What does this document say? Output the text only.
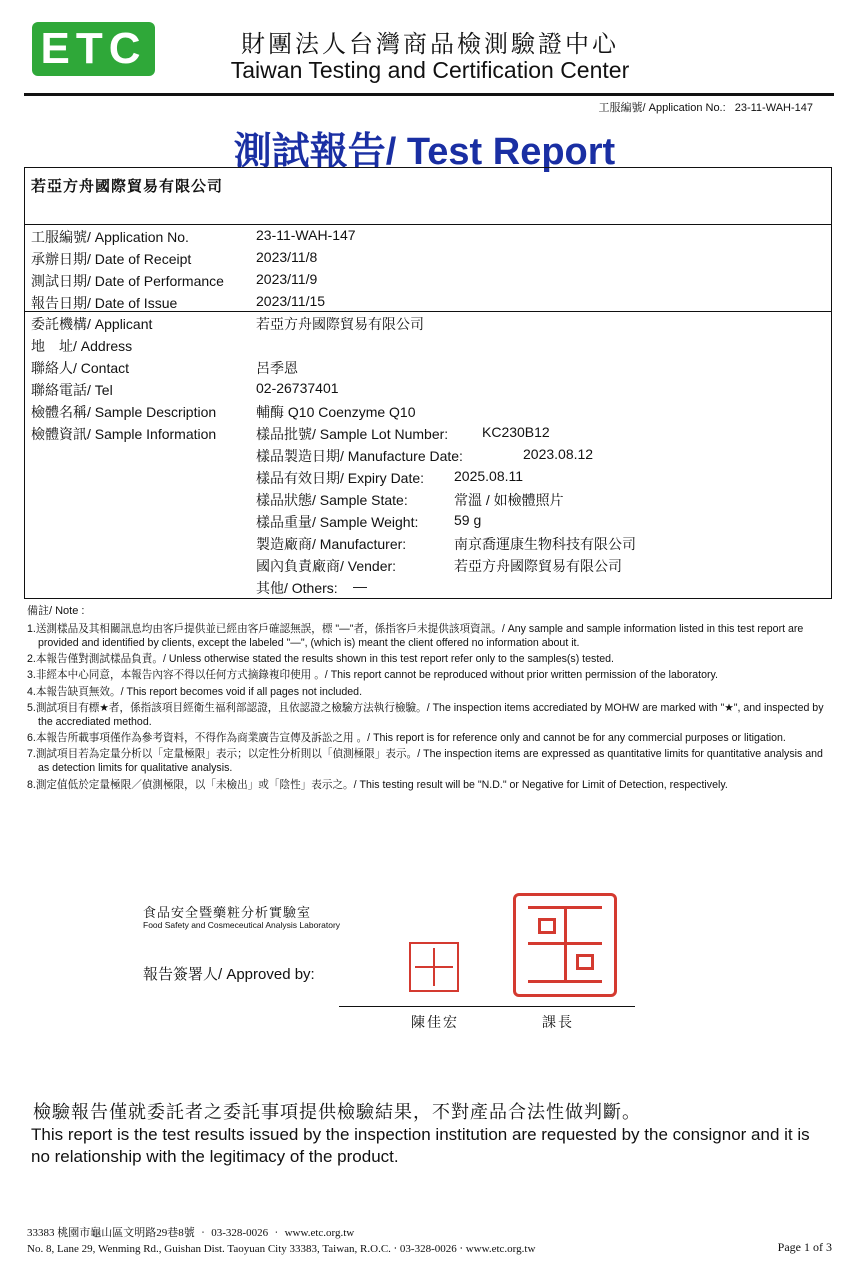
ETC	財團法人台灣商品檢測驗證中心
Taiwan Testing and Certification Center
工服編號/ Application No.: 23-11-WAH-147
測試報告/ Test Report
若亞方舟國際貿易有限公司
工服編號/ Application No.	23-11-WAH-147
承辦日期/ Date of Receipt	2023/11/8
測試日期/ Date of Performance 2023/11/9
報告日期/ Date of Issue	2023/11/15
委託機構/ Applicant	若亞方舟國際貿易有限公司
地　址/ Address
聯絡人/ Contact	呂季恩
聯絡電話/ Tel	02-26737401
檢體名稱/ Sample Description	輔酶 Q10 Coenzyme Q10
檢體資訊/ Sample Information	樣品批號/ Sample Lot Number: KC230B12
樣品製造日期/ Manufacture Date:	2023.08.12
樣品有效日期/ Expiry Date: 2025.08.11
樣品狀態/ Sample State:	常溫 / 如檢體照片
樣品重量/ Sample Weight:	59 g
製造廠商/ Manufacturer:	南京喬運康生物科技有限公司
國內負責廠商/ Vender:	若亞方舟國際貿易有限公司
其他/ Others: —
備註/ Note :
1.送測樣品及其相關訊息均由客戶提供並已經由客戶確認無誤，標 "—"者，係指客戶未提供該項資訊。/ Any sample and sample information listed in this test report are provided and identified by clients, except the labeled "—", (which is) meant the client offered no information about it.
2.本報告僅對測試樣品負責。/ Unless otherwise stated the results shown in this test report refer only to the samples(s) tested.
3.非經本中心同意，本報告內容不得以任何方式摘錄複印使用 。/ This report cannot be reproduced without prior written permission of the laboratory.
4.本報告缺頁無效。/ This report becomes void if all pages not included.
5.測試項目有標★者，係指該項目經衛生福利部認證，且依認證之檢驗方法執行檢驗。/ The inspection items accrediated by MOHW are marked with "★", and inspected by the accrediated method.
6.本報告所載事項僅作為參考資料，不得作為商業廣告宣傳及訴訟之用 。/ This report is for reference only and cannot be for any commercial purposes or litigation.
7.測試項目若為定量分析以「定量極限」表示；以定性分析則以「偵測極限」表示。/ The inspection items are expressed as quantitative limits for quantitative analysis and as detection limits for qualitative analysis.
8.測定值低於定量極限／偵測極限，以「未檢出」或「陰性」表示之。/ This testing result will be "N.D." or Negative for Limit of Detection, respectively.
食品安全暨藥粧分析實驗室
Food Safety and Cosmeceutical Analysis Laboratory
報告簽署人/ Approved by:
陳佳宏	課長
檢驗報告僅就委託者之委託事項提供檢驗結果，不對產品合法性做判斷。
This report is the test results issued by the inspection institution are requested by the consignor and it is no relationship with the legitimacy of the product.
33383 桃園市龜山區文明路29巷8號 ‧ 03-328-0026 ‧ www.etc.org.tw
No. 8, Lane 29, Wenming Rd., Guishan Dist. Taoyuan City 33383, Taiwan, R.O.C. ‧ 03-328-0026 ‧ www.etc.org.tw	Page 1 of 3
